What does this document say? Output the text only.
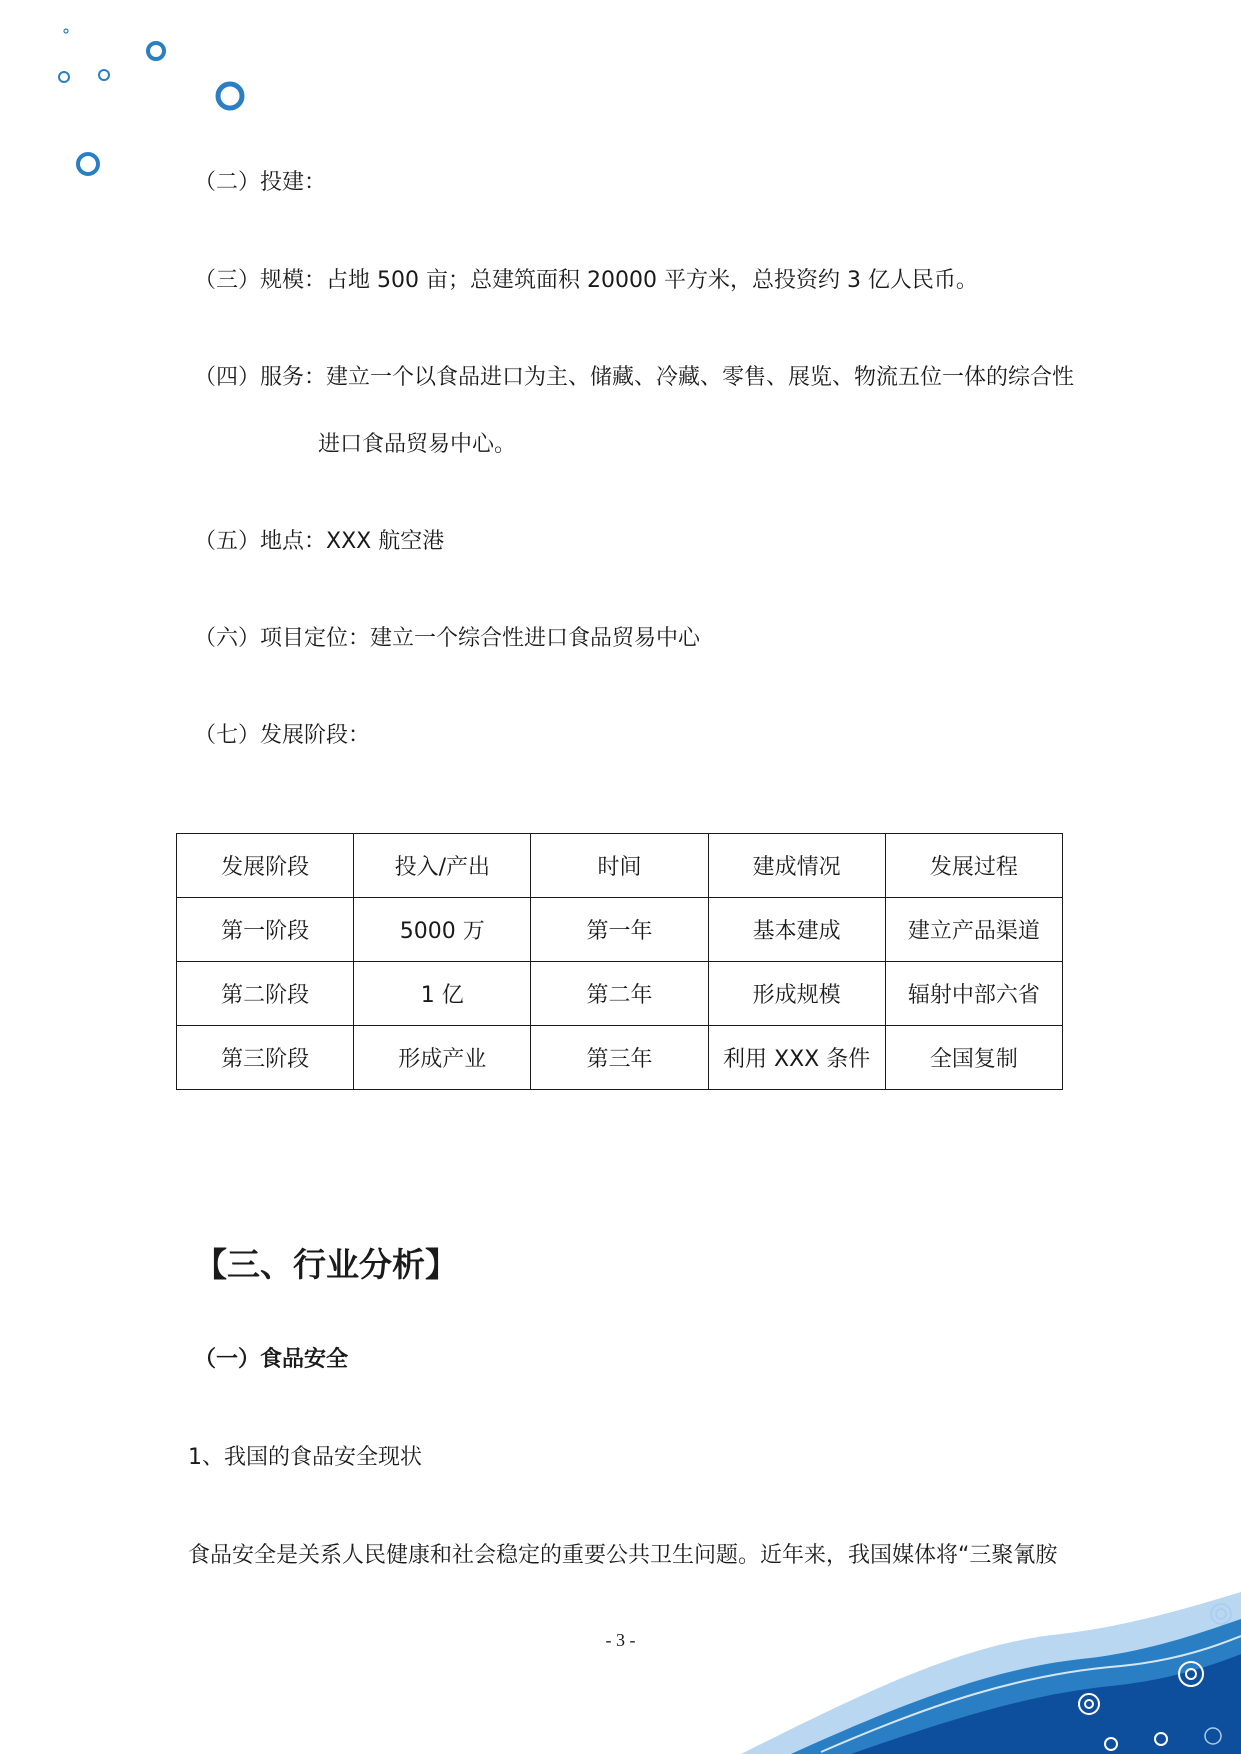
（二）投建：
（三）规模：占地 500 亩；总建筑面积 20000 平方米，总投资约 3 亿人民币。
（四）服务：建立一个以食品进口为主、储藏、冷藏、零售、展览、物流五位一体的综合性
进口食品贸易中心。
（五）地点：XXX 航空港
（六）项目定位：建立一个综合性进口食品贸易中心
（七）发展阶段：
发展阶段	投入/产出	时间	建成情况	发展过程
第一阶段	5000 万	第一年	基本建成	建立产品渠道
第二阶段	1 亿	第二年	形成规模	辐射中部六省
第三阶段	形成产业	第三年	利用 XXX 条件	全国复制
【三、行业分析】
（一）食品安全
1、我国的食品安全现状
食品安全是关系人民健康和社会稳定的重要公共卫生问题。近年来，我国媒体将“三聚氰胺
- 3 -
